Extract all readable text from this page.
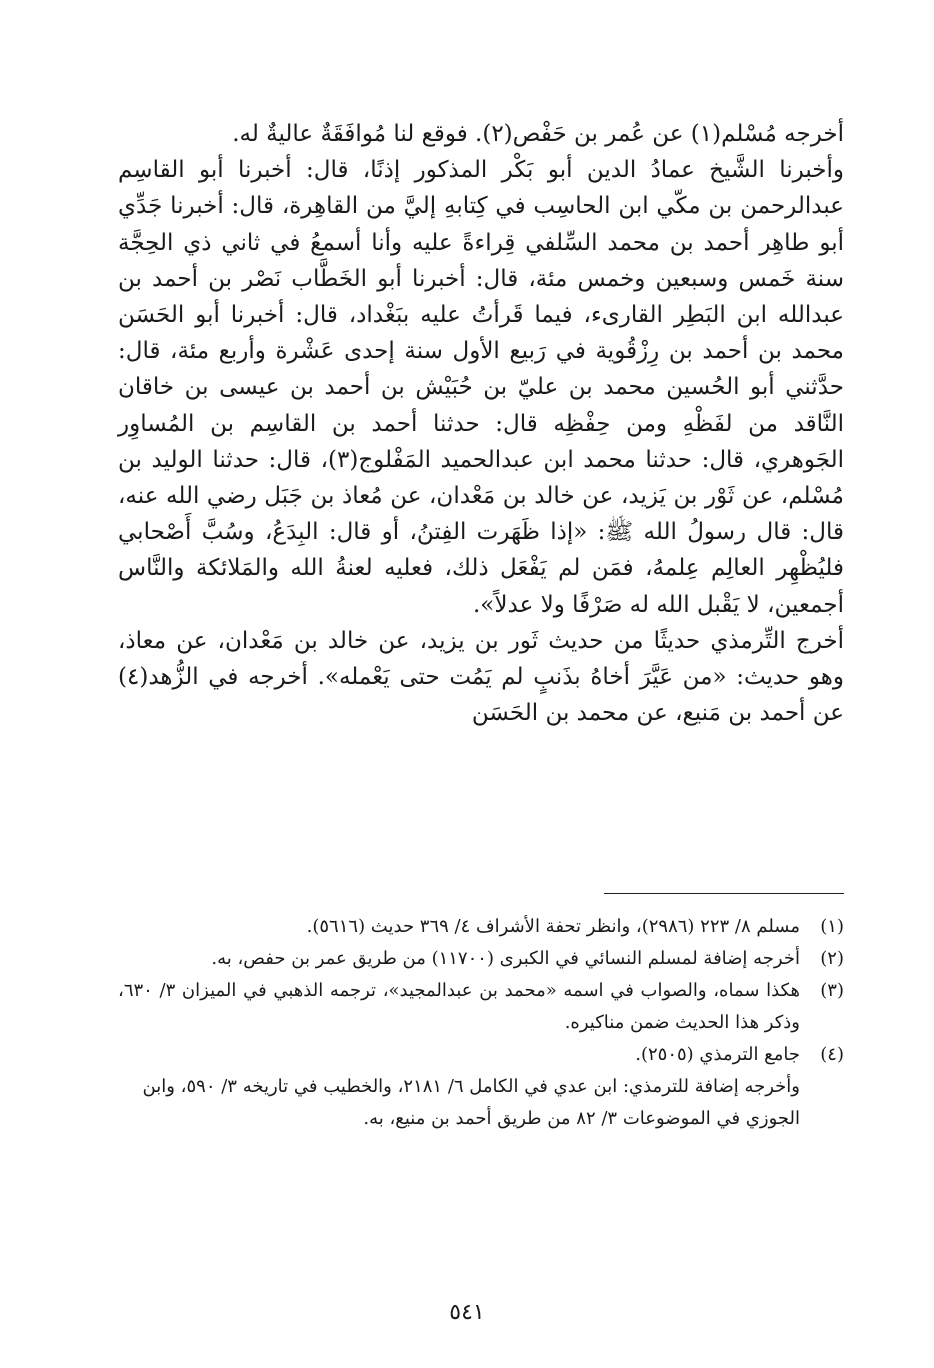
أخرجه مُسْلم(١) عن عُمر بن حَفْص(٢). فوقع لنا مُوافَقَةٌ عاليةٌ له.

وأخبرنا الشَّيخ عمادُ الدين أبو بَكْر المذكور إذنًا، قال: أخبرنا أبو القاسِم عبدالرحمن بن مكّي ابن الحاسِب في كِتابهِ إليَّ من القاهِرة، قال: أخبرنا جَدِّي أبو طاهِر أحمد بن محمد السِّلفي قِراءةً عليه وأنا أسمعُ في ثاني ذي الحِجَّة سنة خَمس وسبعين وخمس مئة، قال: أخبرنا أبو الخَطَّاب نَصْر بن أحمد بن عبدالله ابن البَطِر القارىء، فيما قَرأتُ عليه ببَغْداد، قال: أخبرنا أبو الحَسَن محمد بن أحمد بن رِزْقُوية في رَبيع الأول سنة إحدى عَشْرة وأربع مئة، قال: حدَّثني أبو الحُسين محمد بن عليّ بن حُبَيْش بن أحمد بن عيسى بن خاقان النَّاقد من لفَظْهِ ومن حِفْظِه قال: حدثنا أحمد بن القاسِم بن المُساوِر الجَوهري، قال: حدثنا محمد ابن عبدالحميد المَفْلوج(٣)، قال: حدثنا الوليد بن مُسْلم، عن ثَوْر بن يَزيد، عن خالد بن مَعْدان، عن مُعاذ بن جَبَل رضي الله عنه، قال: قال رسولُ الله ﷺ: «إذا ظَهَرت الفِتنُ، أو قال: البِدَعُ، وسُبَّ أَصْحابي فليُظْهِر العالِم عِلمهُ، فمَن لم يَفْعَل ذلك، فعليه لعنةُ الله والمَلائكة والنَّاس أجمعين، لا يَقْبل الله له صَرْفًا ولا عدلاً».

أخرج التِّرمذي حديثًا من حديث ثَور بن يزيد، عن خالد بن مَعْدان، عن معاذ، وهو حديث: «من عَيَّرَ أخاهُ بذَنبٍ لم يَمُت حتى يَعْمله». أخرجه في الزُّهد(٤) عن أحمد بن مَنيع، عن محمد بن الحَسَن

(١)
مسلم ٨/ ٢٢٣ (٢٩٨٦)، وانظر تحفة الأشراف ٤/ ٣٦٩ حديث (٥٦١٦).
(٢)
أخرجه إضافة لمسلم النسائي في الكبرى (١١٧٠٠) من طريق عمر بن حفص، به.
(٣)
هكذا سماه، والصواب في اسمه «محمد بن عبدالمجيد»، ترجمه الذهبي في الميزان ٣/ ٦٣٠، وذكر هذا الحديث ضمن مناكيره.
(٤)
جامع الترمذي (٢٥٠٥).
وأخرجه إضافة للترمذي: ابن عدي في الكامل ٦/ ٢١٨١، والخطيب في تاريخه ٣/ ٥٩٠، وابن الجوزي في الموضوعات ٣/ ٨٢ من طريق أحمد بن منيع، به.
٥٤١
